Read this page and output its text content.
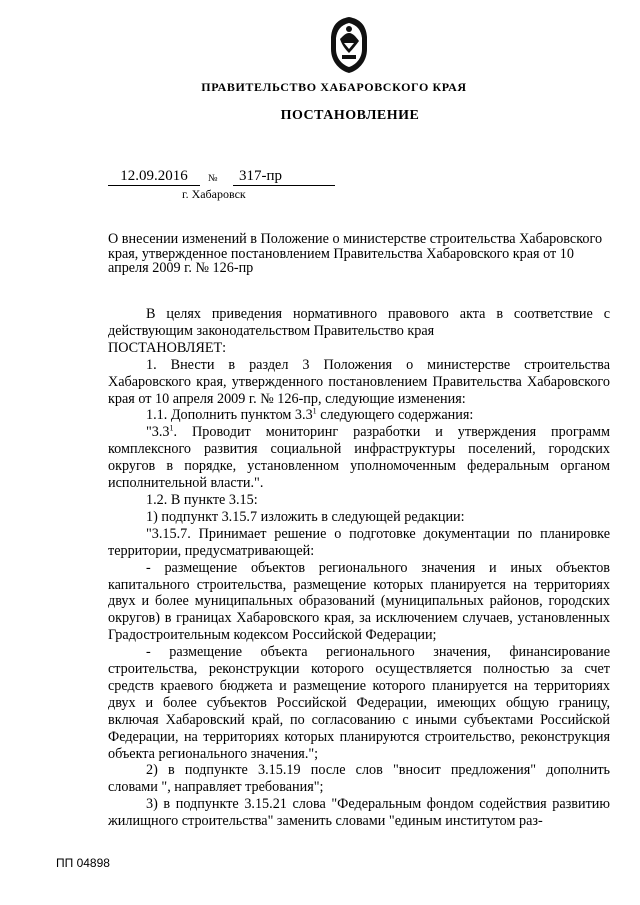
ПРАВИТЕЛЬСТВО ХАБАРОВСКОГО КРАЯ
ПОСТАНОВЛЕНИЕ
12.09.2016	№	317-пр
г. Хабаровск
О внесении изменений в Положение о министерстве строительства Хабаровского края, утвержденное постановлением Правительства Хабаровского края от 10 апреля 2009 г. № 126-пр

В целях приведения нормативного правового акта в соответствие с действующим законодательством Правительство края

ПОСТАНОВЛЯЕТ:

1. Внести в раздел 3 Положения о министерстве строительства Хабаровского края, утвержденного постановлением Правительства Хабаровского края от 10 апреля 2009 г. № 126-пр, следующие изменения:

1.1. Дополнить пунктом $3.3^1$ следующего содержания:

"$3.3^1$. Проводит мониторинг разработки и утверждения программ комплексного развития социальной инфраструктуры поселений, городских округов в порядке, установленном уполномоченным федеральным органом исполнительной власти.".

1.2. В пункте 3.15:

1) подпункт 3.15.7 изложить в следующей редакции:

"3.15.7. Принимает решение о подготовке документации по планировке территории, предусматривающей:

- размещение объектов регионального значения и иных объектов капитального строительства, размещение которых планируется на территориях двух и более муниципальных образований (муниципальных районов, городских округов) в границах Хабаровского края, за исключением случаев, установленных Градостроительным кодексом Российской Федерации;

- размещение объекта регионального значения, финансирование строительства, реконструкции которого осуществляется полностью за счет средств краевого бюджета и размещение которого планируется на территориях двух и более субъектов Российской Федерации, имеющих общую границу, включая Хабаровский край, по согласованию с иными субъектами Российской Федерации, на территориях которых планируются строительство, реконструкция объекта регионального значения.";

2) в подпункте 3.15.19 после слов "вносит предложения" дополнить словами ", направляет требования";

3) в подпункте 3.15.21 слова "Федеральным фондом содействия развитию жилищного строительства" заменить словами "единым институтом раз-

ПП 04898
